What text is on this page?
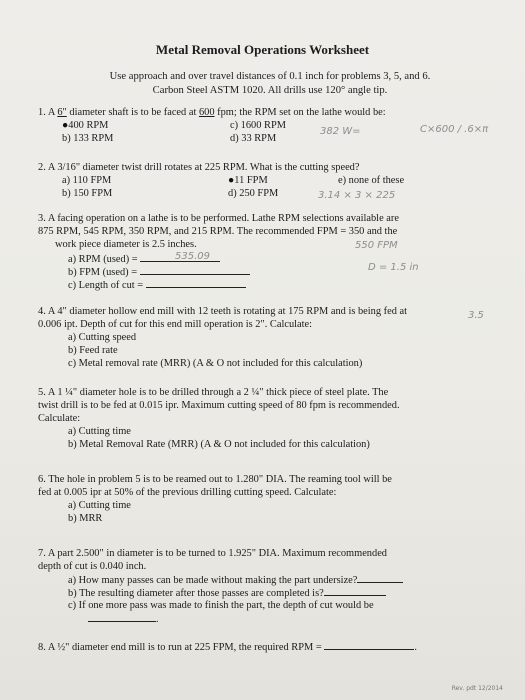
Metal Removal Operations Worksheet
Use approach and over travel distances of 0.1 inch for problems 3, 5, and 6.
Carbon Steel ASTM 1020. All drills use 120° angle tip.
1. A 6" diameter shaft is to be faced at 600 fpm; the RPM set on the lathe would be:
●400 RPM	c) 1600 RPM
b) 133 RPM	d) 33 RPM
2. A 3/16" diameter twist drill rotates at 225 RPM. What is the cutting speed?
a) 110 FPM	●11 FPM	e) none of these
b) 150 FPM	d) 250 FPM
3. A facing operation on a lathe is to be performed. Lathe RPM selections available are
875 RPM, 545 RPM, 350 RPM, and 215 RPM. The recommended FPM = 350 and the
work piece diameter is 2.5 inches.
a) RPM (used) =
b) FPM (used) =
c) Length of cut =
4. A 4" diameter hollow end mill with 12 teeth is rotating at 175 RPM and is being fed at
0.006 ipt. Depth of cut for this end mill operation is 2". Calculate:
a) Cutting speed
b) Feed rate
c) Metal removal rate (MRR) (A & O not included for this calculation)
5. A 1 ¼" diameter hole is to be drilled through a 2 ¼" thick piece of steel plate. The
twist drill is to be fed at 0.015 ipr. Maximum cutting speed of 80 fpm is recommended.
Calculate:
a) Cutting time
b) Metal Removal Rate (MRR) (A & O not included for this calculation)
6. The hole in problem 5 is to be reamed out to 1.280" DIA. The reaming tool will be
fed at 0.005 ipr at 50% of the previous drilling cutting speed. Calculate:
a) Cutting time
b) MRR
7. A part 2.500" in diameter is to be turned to 1.925" DIA. Maximum recommended
depth of cut is 0.040 inch.
a) How many passes can be made without making the part undersize?
b) The resulting diameter after those passes are completed is?
c) If one more pass was made to finish the part, the depth of cut would be
.
8. A ½" diameter end mill is to run at 225 FPM, the required RPM =	.
382 W=	C×600 / .6×π
3.14 × 3 × 225
535.09
550 FPM
D = 1.5 in
3.5
Rev. pdt 12/2014
